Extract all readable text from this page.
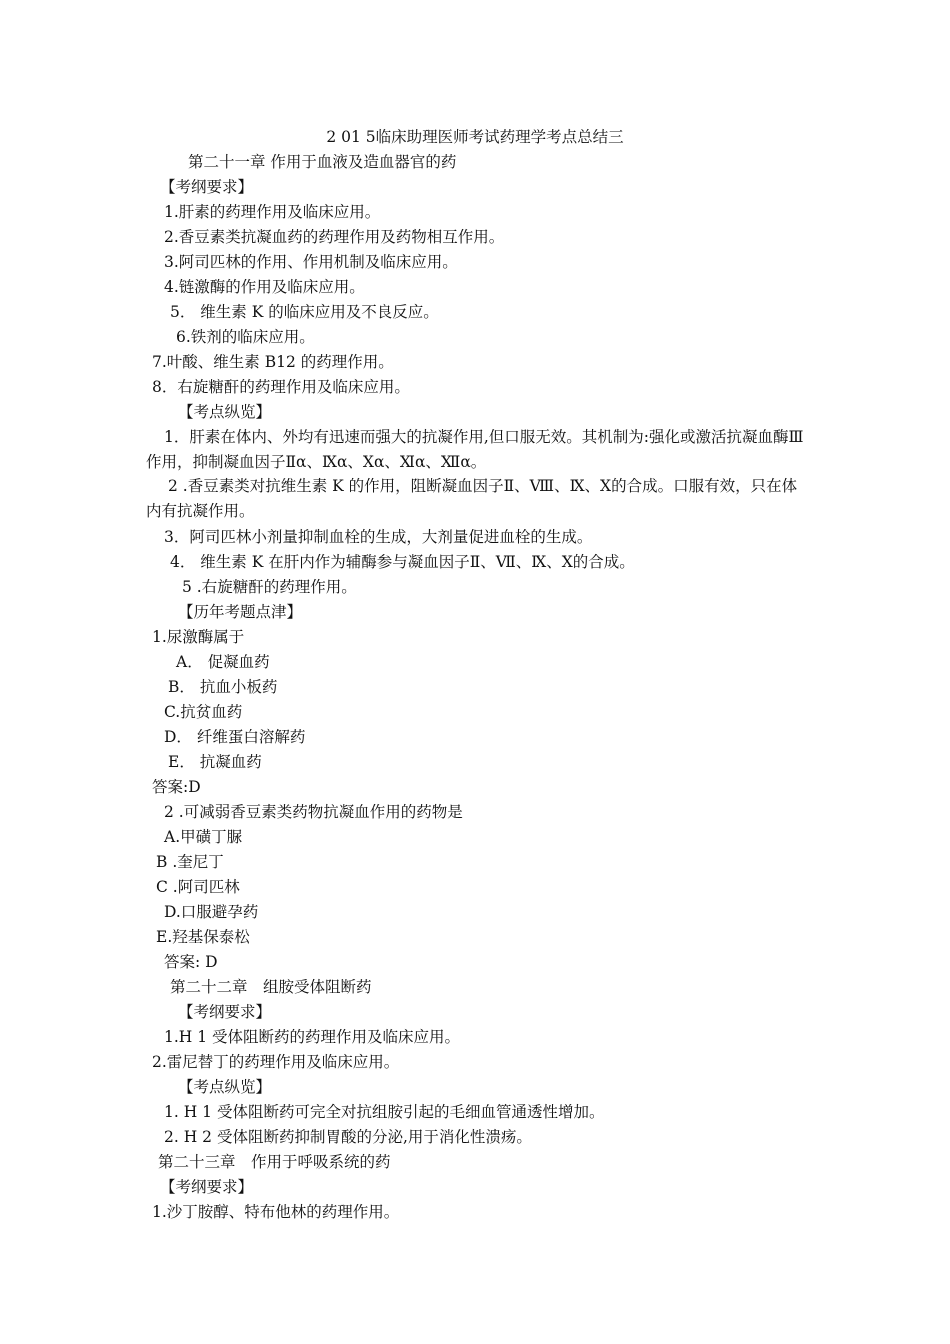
2 01 5临床助理医师考试药理学考点总结三
第二十一章 作用于血液及造血器官的药
【考纲要求】
1.肝素的药理作用及临床应用。
2.香豆素类抗凝血药的药理作用及药物相互作用。
3.阿司匹林的作用、作用机制及临床应用。
4.链激酶的作用及临床应用。
5． 维生素 K 的临床应用及不良反应。
6.铁剂的临床应用。
7.叶酸、维生素 B12 的药理作用。
8．右旋糖酐的药理作用及临床应用。
【考点纵览】
1．肝素在体内、外均有迅速而强大的抗凝作用,但口服无效。其机制为:强化或激活抗凝血酶Ⅲ作用，抑制凝血因子Ⅱα、Ⅸα、Ⅹα、Ⅺα、Ⅻα。
2 .香豆素类对抗维生素 K 的作用，阻断凝血因子Ⅱ、Ⅷ、Ⅸ、Ⅹ的合成。口服有效，只在体内有抗凝作用。
3．阿司匹林小剂量抑制血栓的生成，大剂量促进血栓的生成。
4． 维生素 K 在肝内作为辅酶参与凝血因子Ⅱ、Ⅶ、Ⅸ、Ⅹ的合成。
5 .右旋糖酐的药理作用。
【历年考题点津】
1.尿激酶属于
A． 促凝血药
B． 抗血小板药
C.抗贫血药
D． 纤维蛋白溶解药
E． 抗凝血药
答案:D
2 .可减弱香豆素类药物抗凝血作用的药物是
A.甲磺丁脲
B .奎尼丁
C .阿司匹林
D.口服避孕药
E.羟基保泰松
答案: D
第二十二章　组胺受体阻断药
【考纲要求】
1.H 1 受体阻断药的药理作用及临床应用。
2.雷尼替丁的药理作用及临床应用。
【考点纵览】
1. H 1 受体阻断药可完全对抗组胺引起的毛细血管通透性增加。
2. H 2 受体阻断药抑制胃酸的分泌,用于消化性溃疡。
第二十三章　作用于呼吸系统的药
【考纲要求】
1.沙丁胺醇、特布他林的药理作用。
